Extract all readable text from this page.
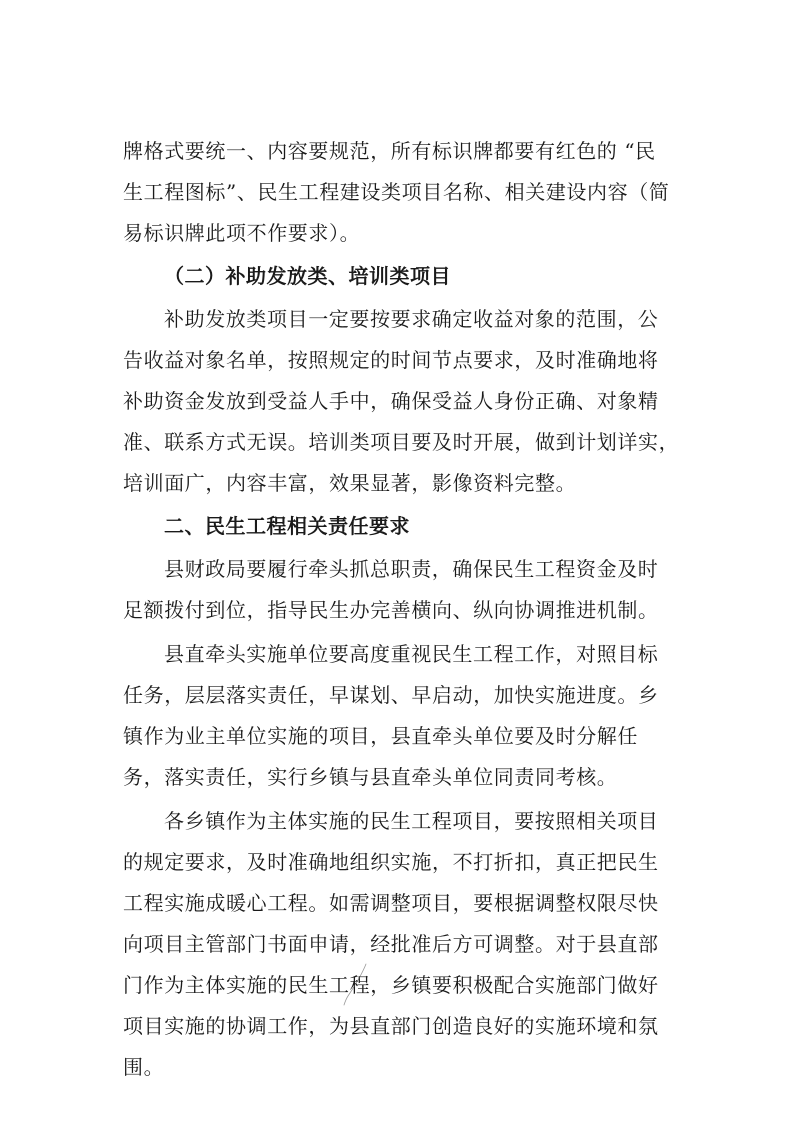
牌格式要统一、内容要规范，所有标识牌都要有红色的 “民
生工程图标”、民生工程建设类项目名称、相关建设内容（简
易标识牌此项不作要求）。
（二）补助发放类、培训类项目
补助发放类项目一定要按要求确定收益对象的范围，公
告收益对象名单，按照规定的时间节点要求，及时准确地将
补助资金发放到受益人手中，确保受益人身份正确、对象精
准、联系方式无误。培训类项目要及时开展，做到计划详实，
培训面广，内容丰富，效果显著，影像资料完整。
二、民生工程相关责任要求
县财政局要履行牵头抓总职责，确保民生工程资金及时
足额拨付到位，指导民生办完善横向、纵向协调推进机制。
县直牵头实施单位要高度重视民生工程工作，对照目标
任务，层层落实责任，早谋划、早启动，加快实施进度。乡
镇作为业主单位实施的项目，县直牵头单位要及时分解任
务，落实责任，实行乡镇与县直牵头单位同责同考核。
各乡镇作为主体实施的民生工程项目，要按照相关项目
的规定要求，及时准确地组织实施，不打折扣，真正把民生
工程实施成暖心工程。如需调整项目，要根据调整权限尽快
向项目主管部门书面申请，经批准后方可调整。对于县直部
门作为主体实施的民生工程，乡镇要积极配合实施部门做好
项目实施的协调工作，为县直部门创造良好的实施环境和氛
围。
